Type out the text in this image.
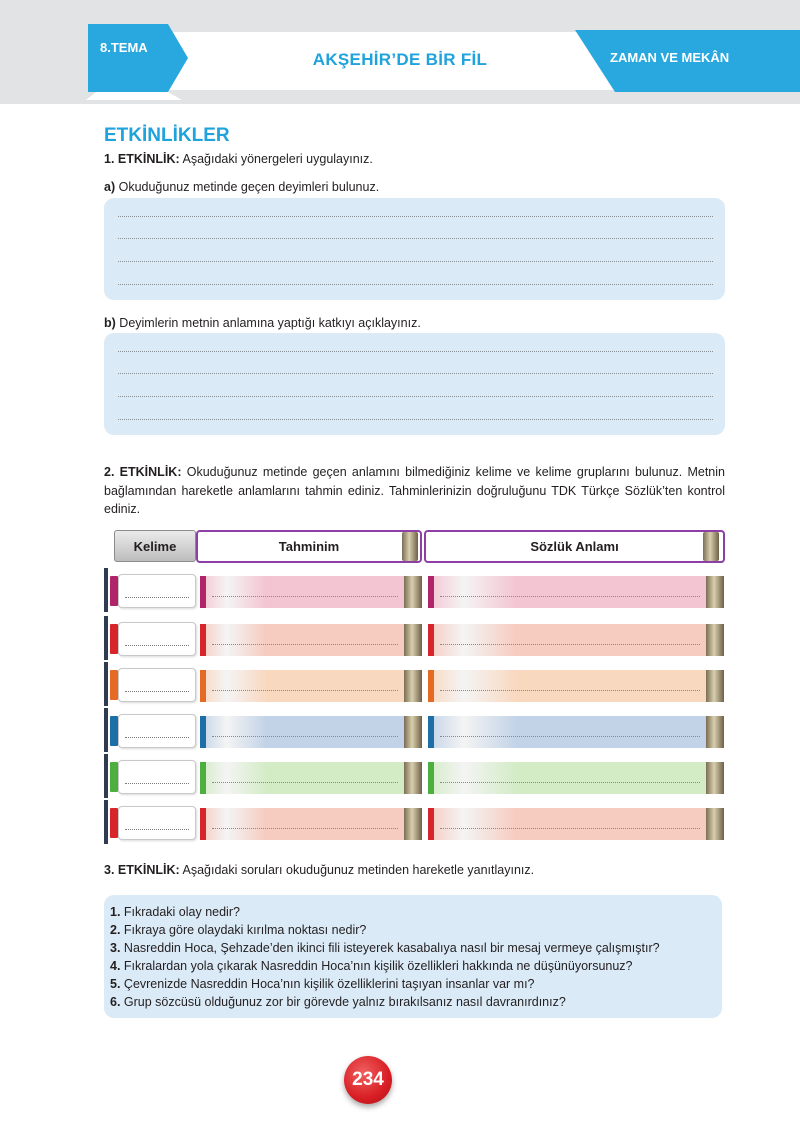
8.TEMA
AKŞEHİR’DE BİR FİL	ZAMAN VE MEKÂN
ETKİNLİKLER
1. ETKİNLİK: Aşağıdaki yönergeleri uygulayınız.
a) Okuduğunuz metinde geçen deyimleri bulunuz.
b) Deyimlerin metnin anlamına yaptığı katkıyı açıklayınız.
2. ETKİNLİK: Okuduğunuz metinde geçen anlamını bilmediğiniz kelime ve kelime gruplarını bulunuz. Metnin bağlamından hareketle anlamlarını tahmin ediniz. Tahminlerinizin doğruluğunu TDK Türkçe Sözlük’ten kontrol ediniz.
Kelime	Tahminim	Sözlük Anlamı
3. ETKİNLİK: Aşağıdaki soruları okuduğunuz metinden hareketle yanıtlayınız.
1. Fıkradaki olay nedir?
2. Fıkraya göre olaydaki kırılma noktası nedir?
3. Nasreddin Hoca, Şehzade’den ikinci fili isteyerek kasabalıya nasıl bir mesaj vermeye çalışmıştır?
4. Fıkralardan yola çıkarak Nasreddin Hoca’nın kişilik özellikleri hakkında ne düşünüyorsunuz?
5. Çevrenizde Nasreddin Hoca’nın kişilik özelliklerini taşıyan insanlar var mı?
6. Grup sözcüsü olduğunuz zor bir görevde yalnız bırakılsanız nasıl davranırdınız?
234
